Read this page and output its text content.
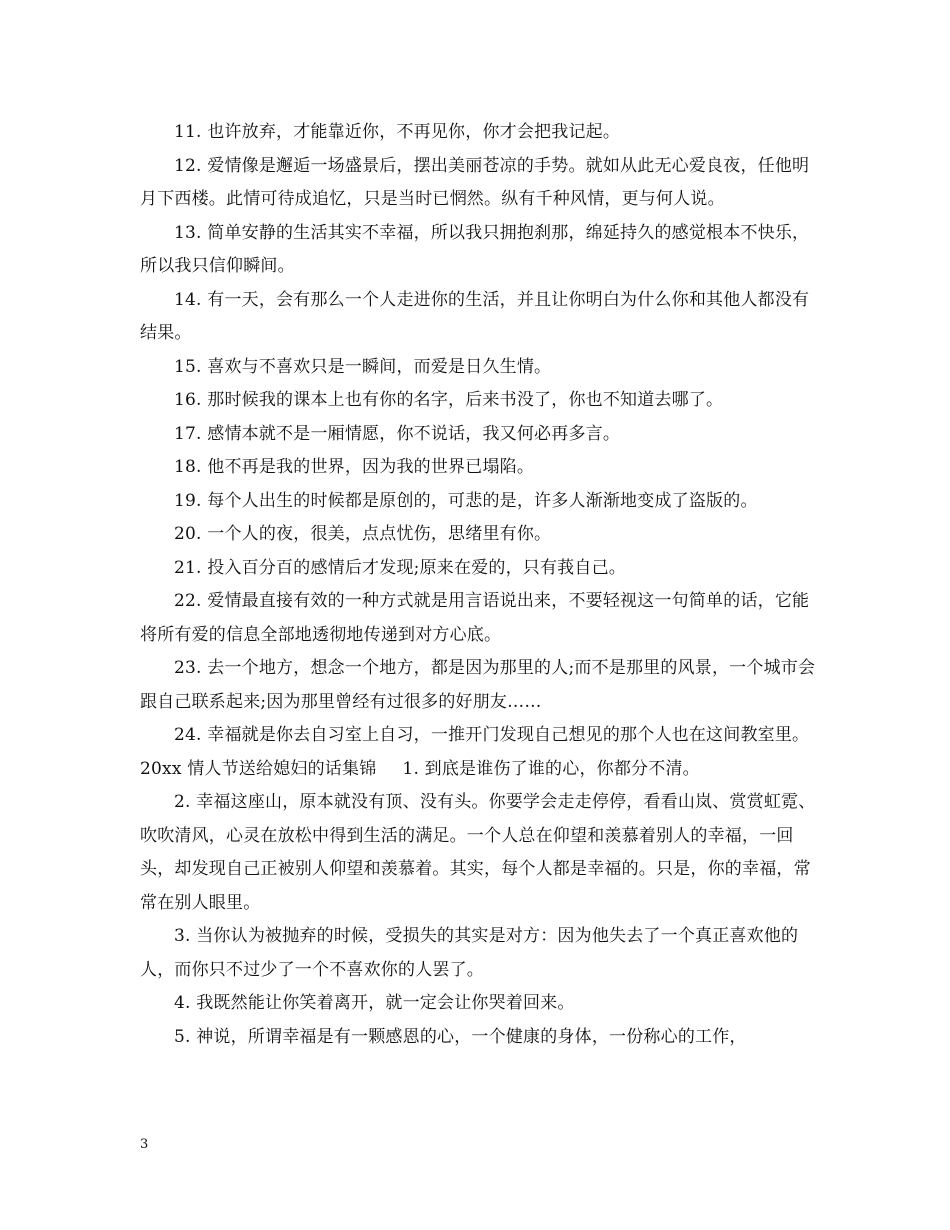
11. 也许放弃，才能靠近你，不再见你，你才会把我记起。

12. 爱情像是邂逅一场盛景后，摆出美丽苍凉的手势。就如从此无心爱良夜，任他明月下西楼。此情可待成追忆，只是当时已惘然。纵有千种风情，更与何人说。

13. 简单安静的生活其实不幸福，所以我只拥抱刹那，绵延持久的感觉根本不快乐，所以我只信仰瞬间。

14. 有一天，会有那么一个人走进你的生活，并且让你明白为什么你和其他人都没有结果。

15. 喜欢与不喜欢只是一瞬间，而爱是日久生情。

16. 那时候我的课本上也有你的名字，后来书没了，你也不知道去哪了。

17. 感情本就不是一厢情愿，你不说话，我又何必再多言。

18. 他不再是我的世界，因为我的世界已塌陷。

19. 每个人出生的时候都是原创的，可悲的是，许多人渐渐地变成了盗版的。

20. 一个人的夜，很美，点点忧伤，思绪里有你。

21. 投入百分百的感情后才发现;原来在爱的，只有莪自己。

22. 爱情最直接有效的一种方式就是用言语说出来，不要轻视这一句简单的话，它能将所有爱的信息全部地透彻地传递到对方心底。

23. 去一个地方，想念一个地方，都是因为那里的人;而不是那里的风景，一个城市会跟自己联系起来;因为那里曾经有过很多的好朋友……

24. 幸福就是你去自习室上自习，一推开门发现自己想见的那个人也在这间教室里。

20xx 情人节送给媳妇的话集锦 1. 到底是谁伤了谁的心，你都分不清。

2. 幸福这座山，原本就没有顶、没有头。你要学会走走停停，看看山岚、赏赏虹霓、吹吹清风，心灵在放松中得到生活的满足。一个人总在仰望和羡慕着别人的幸福，一回头，却发现自己正被别人仰望和羡慕着。其实，每个人都是幸福的。只是，你的幸福，常常在别人眼里。

3. 当你认为被抛弃的时候，受损失的其实是对方：因为他失去了一个真正喜欢他的人，而你只不过少了一个不喜欢你的人罢了。

4. 我既然能让你笑着离开，就一定会让你哭着回来。

5. 神说，所谓幸福是有一颗感恩的心，一个健康的身体，一份称心的工作，

3
